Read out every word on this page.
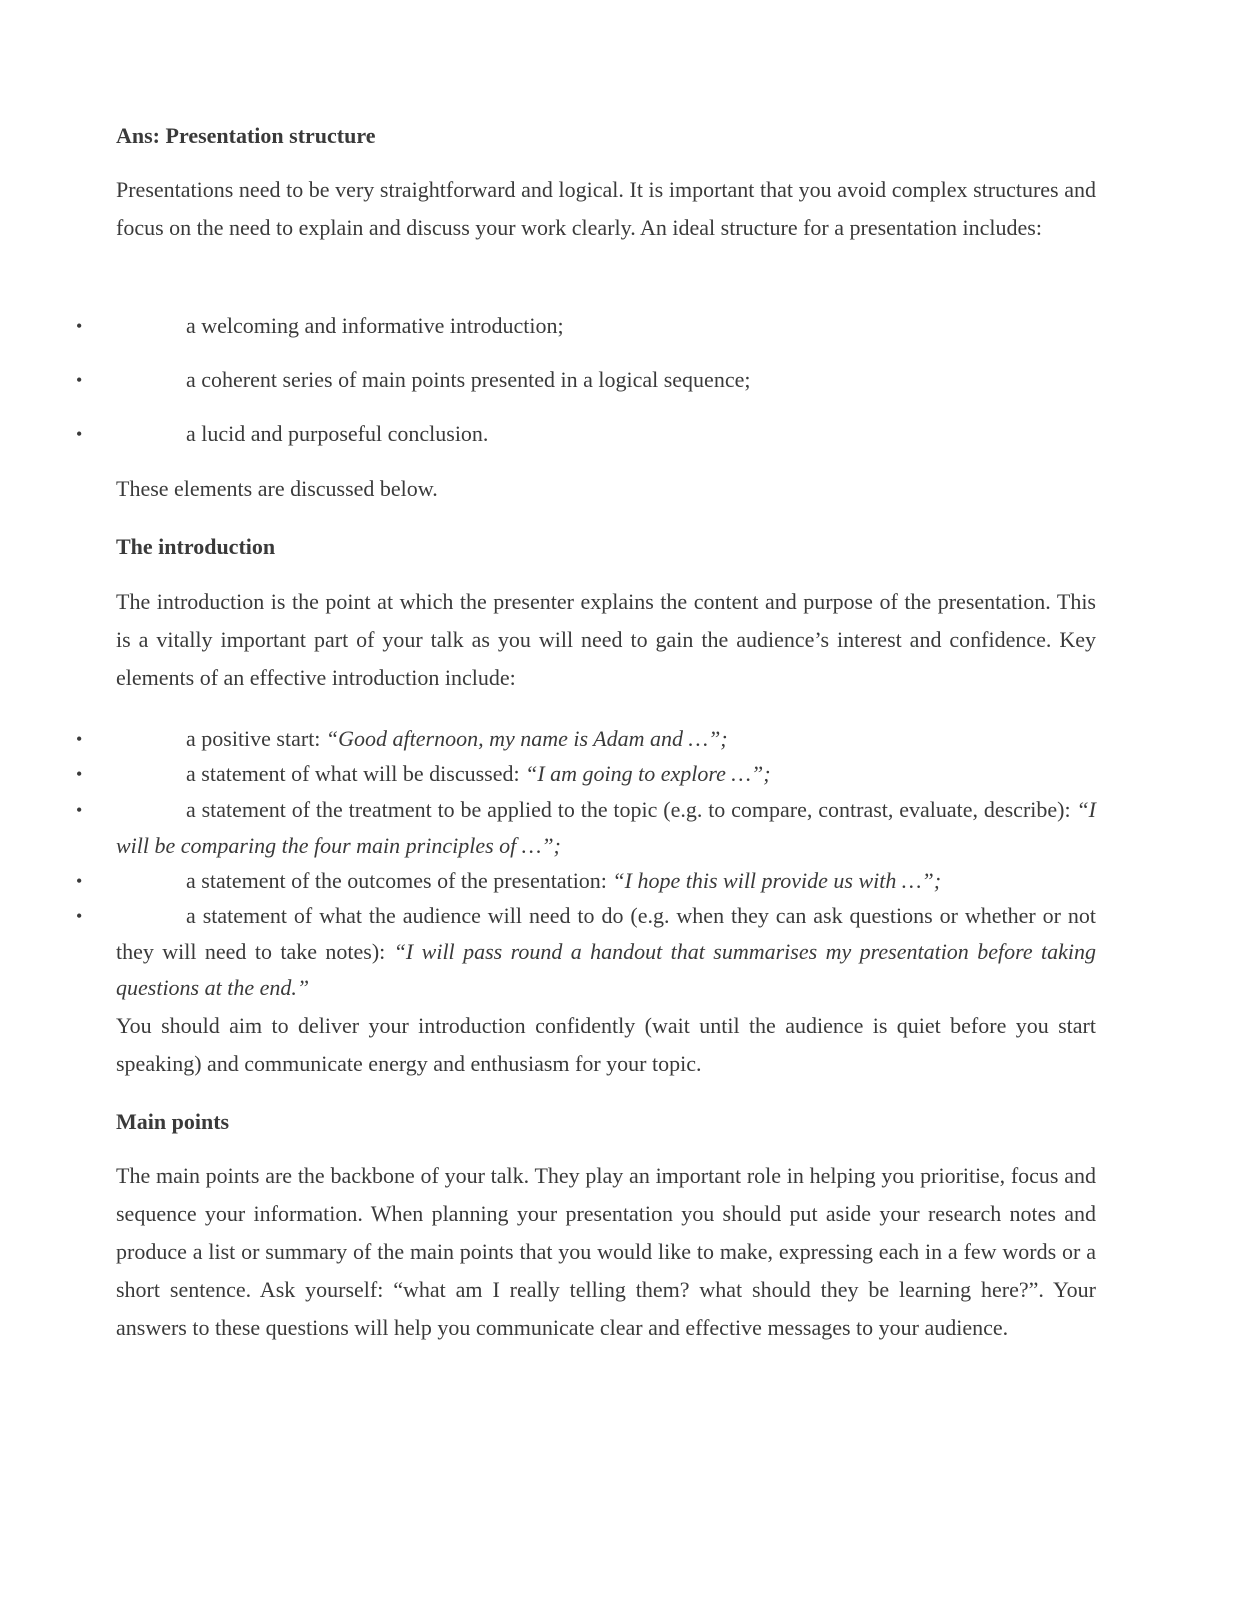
Ans: Presentation structure

Presentations need to be very straightforward and logical. It is important that you avoid complex structures and focus on the need to explain and discuss your work clearly. An ideal structure for a presentation includes:

•	a welcoming and informative introduction;
•	a coherent series of main points presented in a logical sequence;
•	a lucid and purposeful conclusion.

These elements are discussed below.

The introduction

The introduction is the point at which the presenter explains the content and purpose of the presentation. This is a vitally important part of your talk as you will need to gain the audience’s interest and confidence. Key elements of an effective introduction include:

•	a positive start: “Good afternoon, my name is Adam and …”;
•	a statement of what will be discussed: “I am going to explore …”;
•	a statement of the treatment to be applied to the topic (e.g. to compare, contrast, evaluate, describe): “I will be comparing the four main principles of …”;

•	a statement of the outcomes of the presentation: “I hope this will provide us with …”;
•	a statement of what the audience will need to do (e.g. when they can ask questions or whether or not they will need to take notes): “I will pass round a handout that summarises my presentation before taking questions at the end.”

You should aim to deliver your introduction confidently (wait until the audience is quiet before you start speaking) and communicate energy and enthusiasm for your topic.

Main points

The main points are the backbone of your talk. They play an important role in helping you prioritise, focus and sequence your information. When planning your presentation you should put aside your research notes and produce a list or summary of the main points that you would like to make, expressing each in a few words or a short sentence. Ask yourself: “what am I really telling them? what should they be learning here?”. Your answers to these questions will help you communicate clear and effective messages to your audience.
